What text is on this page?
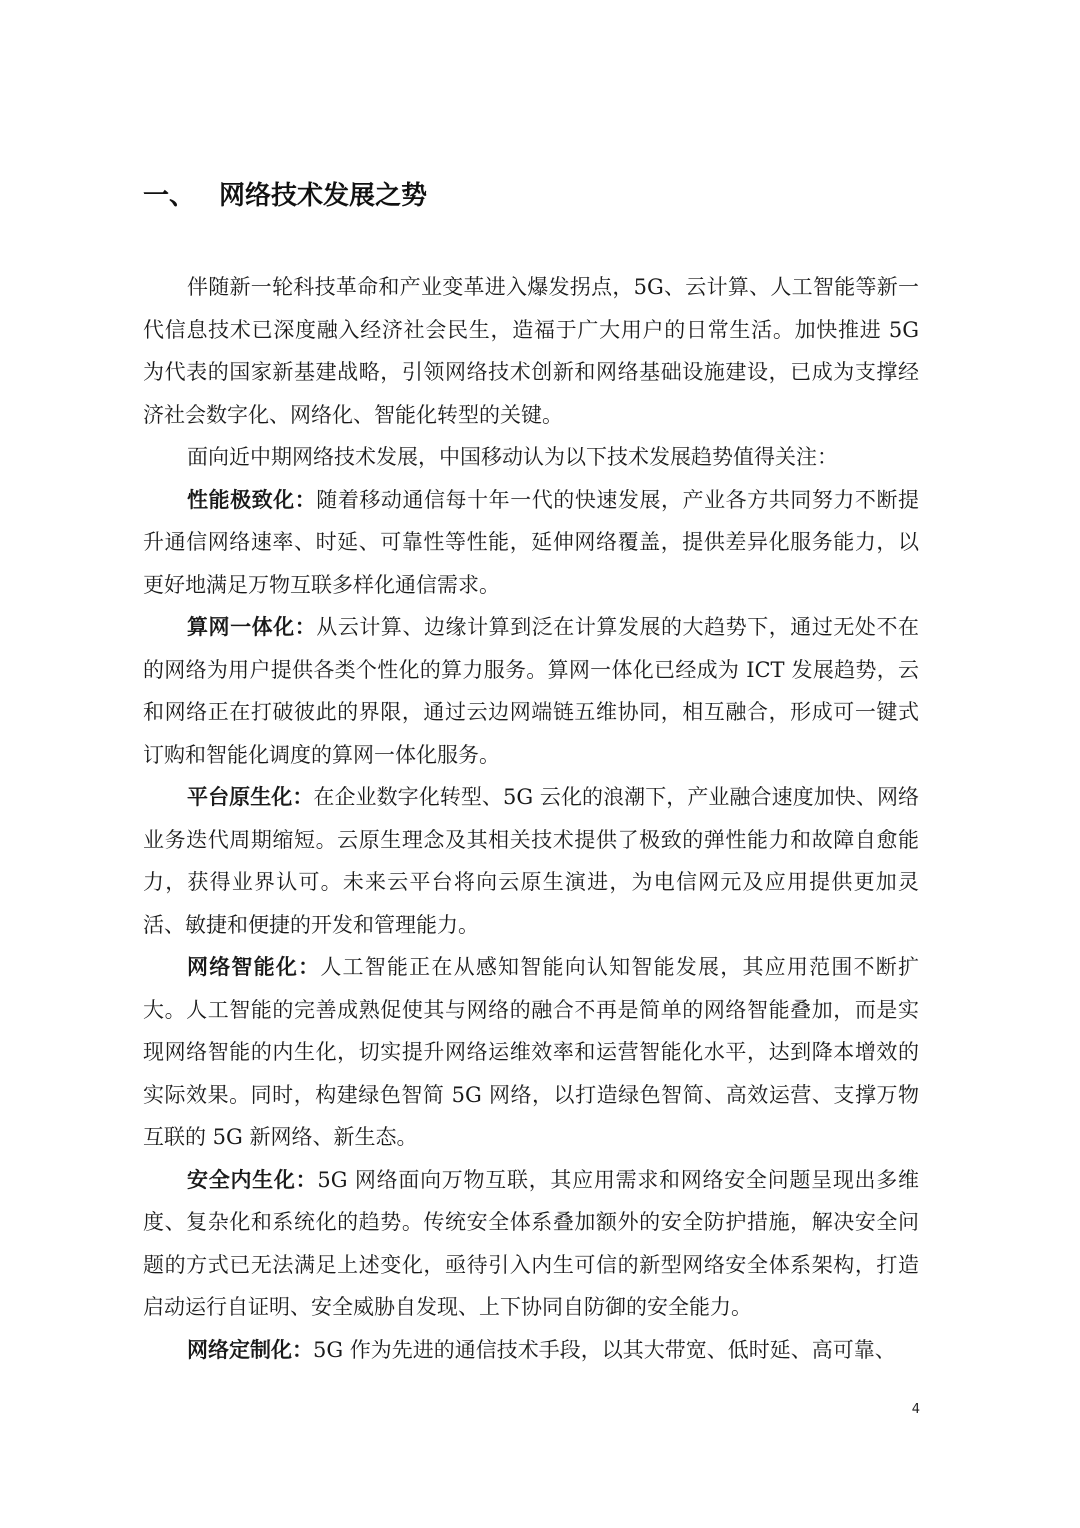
一、 网络技术发展之势

伴随新一轮科技革命和产业变革进入爆发拐点，5G、云计算、人工智能等新一代信息技术已深度融入经济社会民生，造福于广大用户的日常生活。加快推进 5G 为代表的国家新基建战略，引领网络技术创新和网络基础设施建设，已成为支撑经济社会数字化、网络化、智能化转型的关键。

面向近中期网络技术发展，中国移动认为以下技术发展趋势值得关注：

性能极致化：随着移动通信每十年一代的快速发展，产业各方共同努力不断提升通信网络速率、时延、可靠性等性能，延伸网络覆盖，提供差异化服务能力，以更好地满足万物互联多样化通信需求。

算网一体化：从云计算、边缘计算到泛在计算发展的大趋势下，通过无处不在的网络为用户提供各类个性化的算力服务。算网一体化已经成为 ICT 发展趋势，云和网络正在打破彼此的界限，通过云边网端链五维协同，相互融合，形成可一键式订购和智能化调度的算网一体化服务。

平台原生化：在企业数字化转型、5G 云化的浪潮下，产业融合速度加快、网络业务迭代周期缩短。云原生理念及其相关技术提供了极致的弹性能力和故障自愈能力，获得业界认可。未来云平台将向云原生演进，为电信网元及应用提供更加灵活、敏捷和便捷的开发和管理能力。

网络智能化：人工智能正在从感知智能向认知智能发展，其应用范围不断扩大。人工智能的完善成熟促使其与网络的融合不再是简单的网络智能叠加，而是实现网络智能的内生化，切实提升网络运维效率和运营智能化水平，达到降本增效的实际效果。同时，构建绿色智简 5G 网络，以打造绿色智简、高效运营、支撑万物互联的 5G 新网络、新生态。

安全内生化：5G 网络面向万物互联，其应用需求和网络安全问题呈现出多维度、复杂化和系统化的趋势。传统安全体系叠加额外的安全防护措施，解决安全问题的方式已无法满足上述变化，亟待引入内生可信的新型网络安全体系架构，打造启动运行自证明、安全威胁自发现、上下协同自防御的安全能力。

网络定制化：5G 作为先进的通信技术手段，以其大带宽、低时延、高可靠、

4
